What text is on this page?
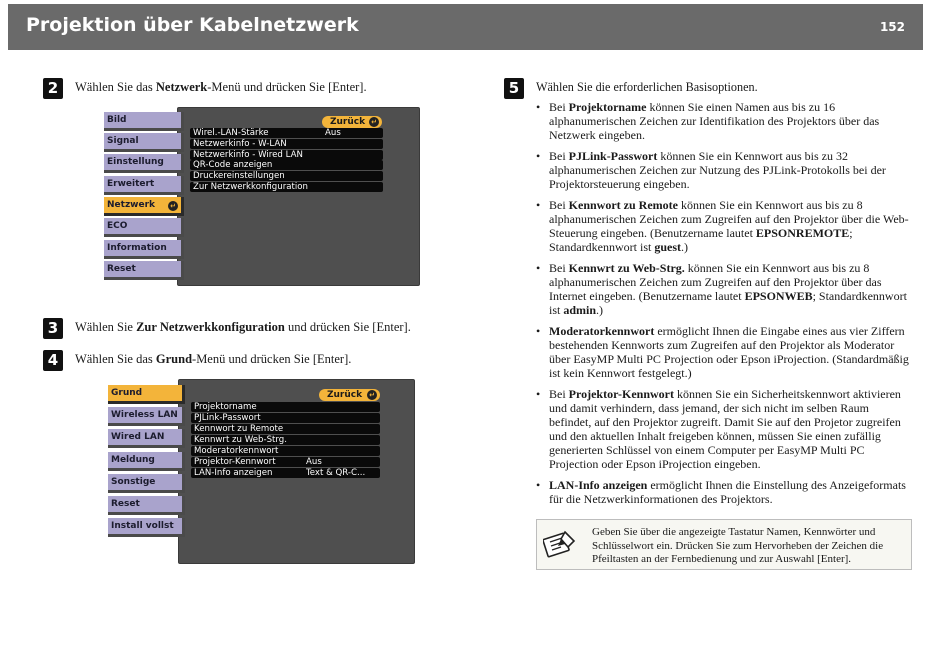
Projektion über Kabelnetzwerk	152
2	Wählen Sie das Netzwerk-Menü und drücken Sie [Enter].
Bild
Signal
Einstellung
Erweitert
Netzwerk ↵
ECO
Information
Reset
Zurück ↵
Wirel.-LAN-Stärke	Aus
Netzwerkinfo - W-LAN
Netzwerkinfo - Wired LAN
QR-Code anzeigen
Druckereinstellungen
Zur Netzwerkkonfiguration
3	Wählen Sie Zur Netzwerkkonfiguration und drücken Sie [Enter].
4	Wählen Sie das Grund-Menü und drücken Sie [Enter].
Grund
Wireless LAN
Wired LAN
Meldung
Sonstige
Reset
Install vollst
Zurück ↵
Projektorname
PJLink-Passwort
Kennwort zu Remote
Kennwrt zu Web-Strg.
Moderatorkennwort
Projektor-Kennwort	Aus
LAN-Info anzeigen	Text & QR-C...
5	Wählen Sie die erforderlichen Basisoptionen.
• Bei Projektorname können Sie einen Namen aus bis zu 16 alphanumerischen Zeichen zur Identifikation des Projektors über das Netzwerk eingeben.
• Bei PJLink-Passwort können Sie ein Kennwort aus bis zu 32 alphanumerischen Zeichen zur Nutzung des PJLink-Protokolls bei der Projektorsteuerung eingeben.
• Bei Kennwort zu Remote können Sie ein Kennwort aus bis zu 8 alphanumerischen Zeichen zum Zugreifen auf den Projektor über die Web-Steuerung eingeben. (Benutzername lautet EPSONREMOTE; Standardkennwort ist guest.)
• Bei Kennwrt zu Web-Strg. können Sie ein Kennwort aus bis zu 8 alphanumerischen Zeichen zum Zugreifen auf den Projektor über das Internet eingeben. (Benutzername lautet EPSONWEB; Standardkennwort ist admin.)
• Moderatorkennwort ermöglicht Ihnen die Eingabe eines aus vier Ziffern bestehenden Kennworts zum Zugreifen auf den Projektor als Moderator über EasyMP Multi PC Projection oder Epson iProjection. (Standardmäßig ist kein Kennwort festgelegt.)
• Bei Projektor-Kennwort können Sie ein Sicherheitskennwort aktivieren und damit verhindern, dass jemand, der sich nicht im selben Raum befindet, auf den Projektor zugreift. Damit Sie auf den Projetor zugreifen und den aktuellen Inhalt freigeben können, müssen Sie einen zufällig generierten Schlüssel von einem Computer per EasyMP Multi PC Projection oder Epson iProjection eingeben.
• LAN-Info anzeigen ermöglicht Ihnen die Einstellung des Anzeigeformats für die Netzwerkinformationen des Projektors.
Geben Sie über die angezeigte Tastatur Namen, Kennwörter und Schlüsselwort ein. Drücken Sie zum Hervorheben der Zeichen die Pfeiltasten an der Fernbedienung und zur Auswahl [Enter].
